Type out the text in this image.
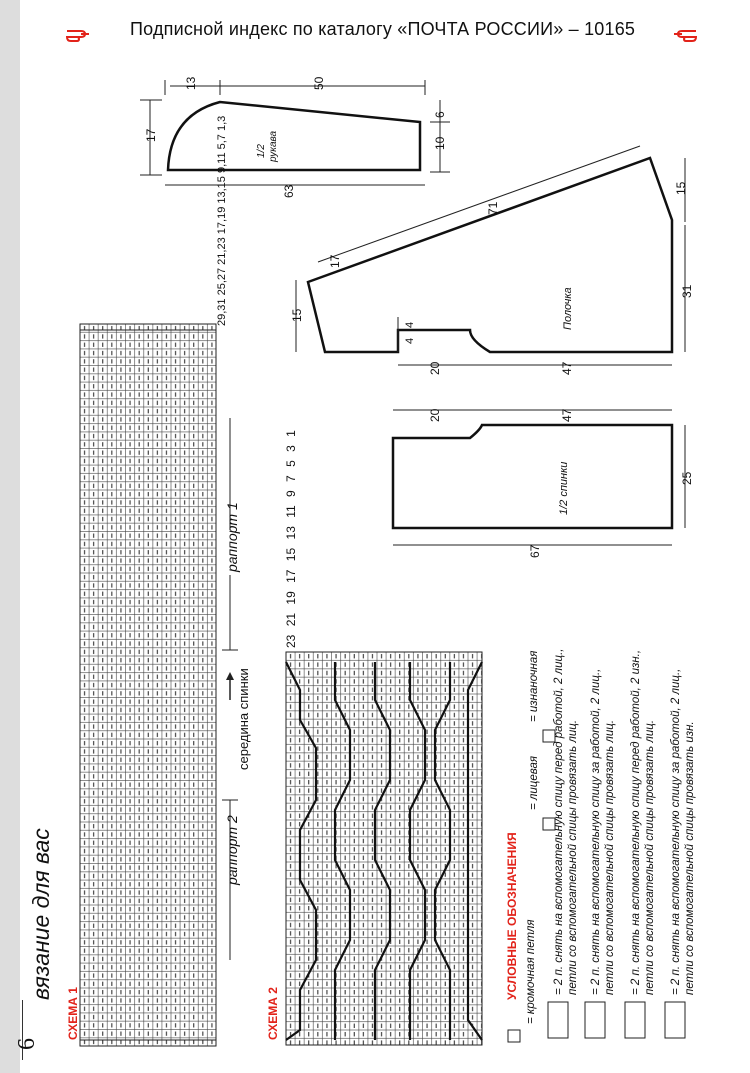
Подписной индекс по каталогу «ПОЧТА РОССИИ» – 10165
6
вязание для вас
СХЕМА 1
29,31 25,27 21,23 17,19 13,15 9,11 5,7 1,3
раппорт 1
раппорт 2
середина спинки
СХЕМА 2
23 21 19 17 15 13 11 9 7 5 3 1
УСЛОВНЫЕ ОБОЗНАЧЕНИЯ = кромочная петля
= лицевая
= изнаночная = 2 п. снять на вспомогательную спицу перед работой, 2 лиц., петли со вспомогательной спицы провязать лиц. = 2 п. снять на вспомогательную спицу за работой, 2 лиц., петли со вспомогательной спицы провязать лиц. = 2 п. снять на вспомогательную спицу перед работой, 2 изн., петли со вспомогательной спицы провязать лиц. = 2 п. снять на вспомогательную спицу за работой, 2 лиц., петли со вспомогательной спицы провязать изн.
50
13
17
10
6
63
1/2 рукава
71
15
17
15
4
4
20	47
31
Полочка
20	47
25
67
1/2 спинки
